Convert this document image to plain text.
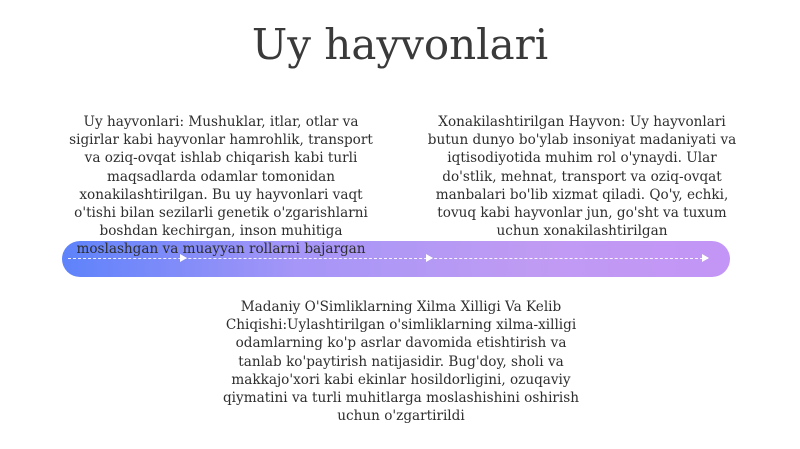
Uy hayvonlari
Uy hayvonlari: Mushuklar, itlar, otlar va sigirlar kabi hayvonlar hamrohlik, transport va oziq-ovqat ishlab chiqarish kabi turli maqsadlarda odamlar tomonidan xonakilashtirilgan. Bu uy hayvonlari vaqt o'tishi bilan sezilarli genetik o'zgarishlarni boshdan kechirgan, inson muhitiga moslashgan va muayyan rollarni bajargan
Xonakilashtirilgan Hayvon: Uy hayvonlari butun dunyo bo'ylab insoniyat madaniyati va iqtisodiyotida muhim rol o'ynaydi. Ular do'stlik, mehnat, transport va oziq-ovqat manbalari bo'lib xizmat qiladi. Qo'y, echki, tovuq kabi hayvonlar jun, go'sht va tuxum uchun xonakilashtirilgan
Madaniy O'Simliklarning Xilma Xilligi Va Kelib Chiqishi:Uylashtirilgan o'simliklarning xilma-xilligi odamlarning ko'p asrlar davomida etishtirish va tanlab ko'paytirish natijasidir. Bug'doy, sholi va makkajo'xori kabi ekinlar hosildorligini, ozuqaviy qiymatini va turli muhitlarga moslashishini oshirish uchun o'zgartirildi
